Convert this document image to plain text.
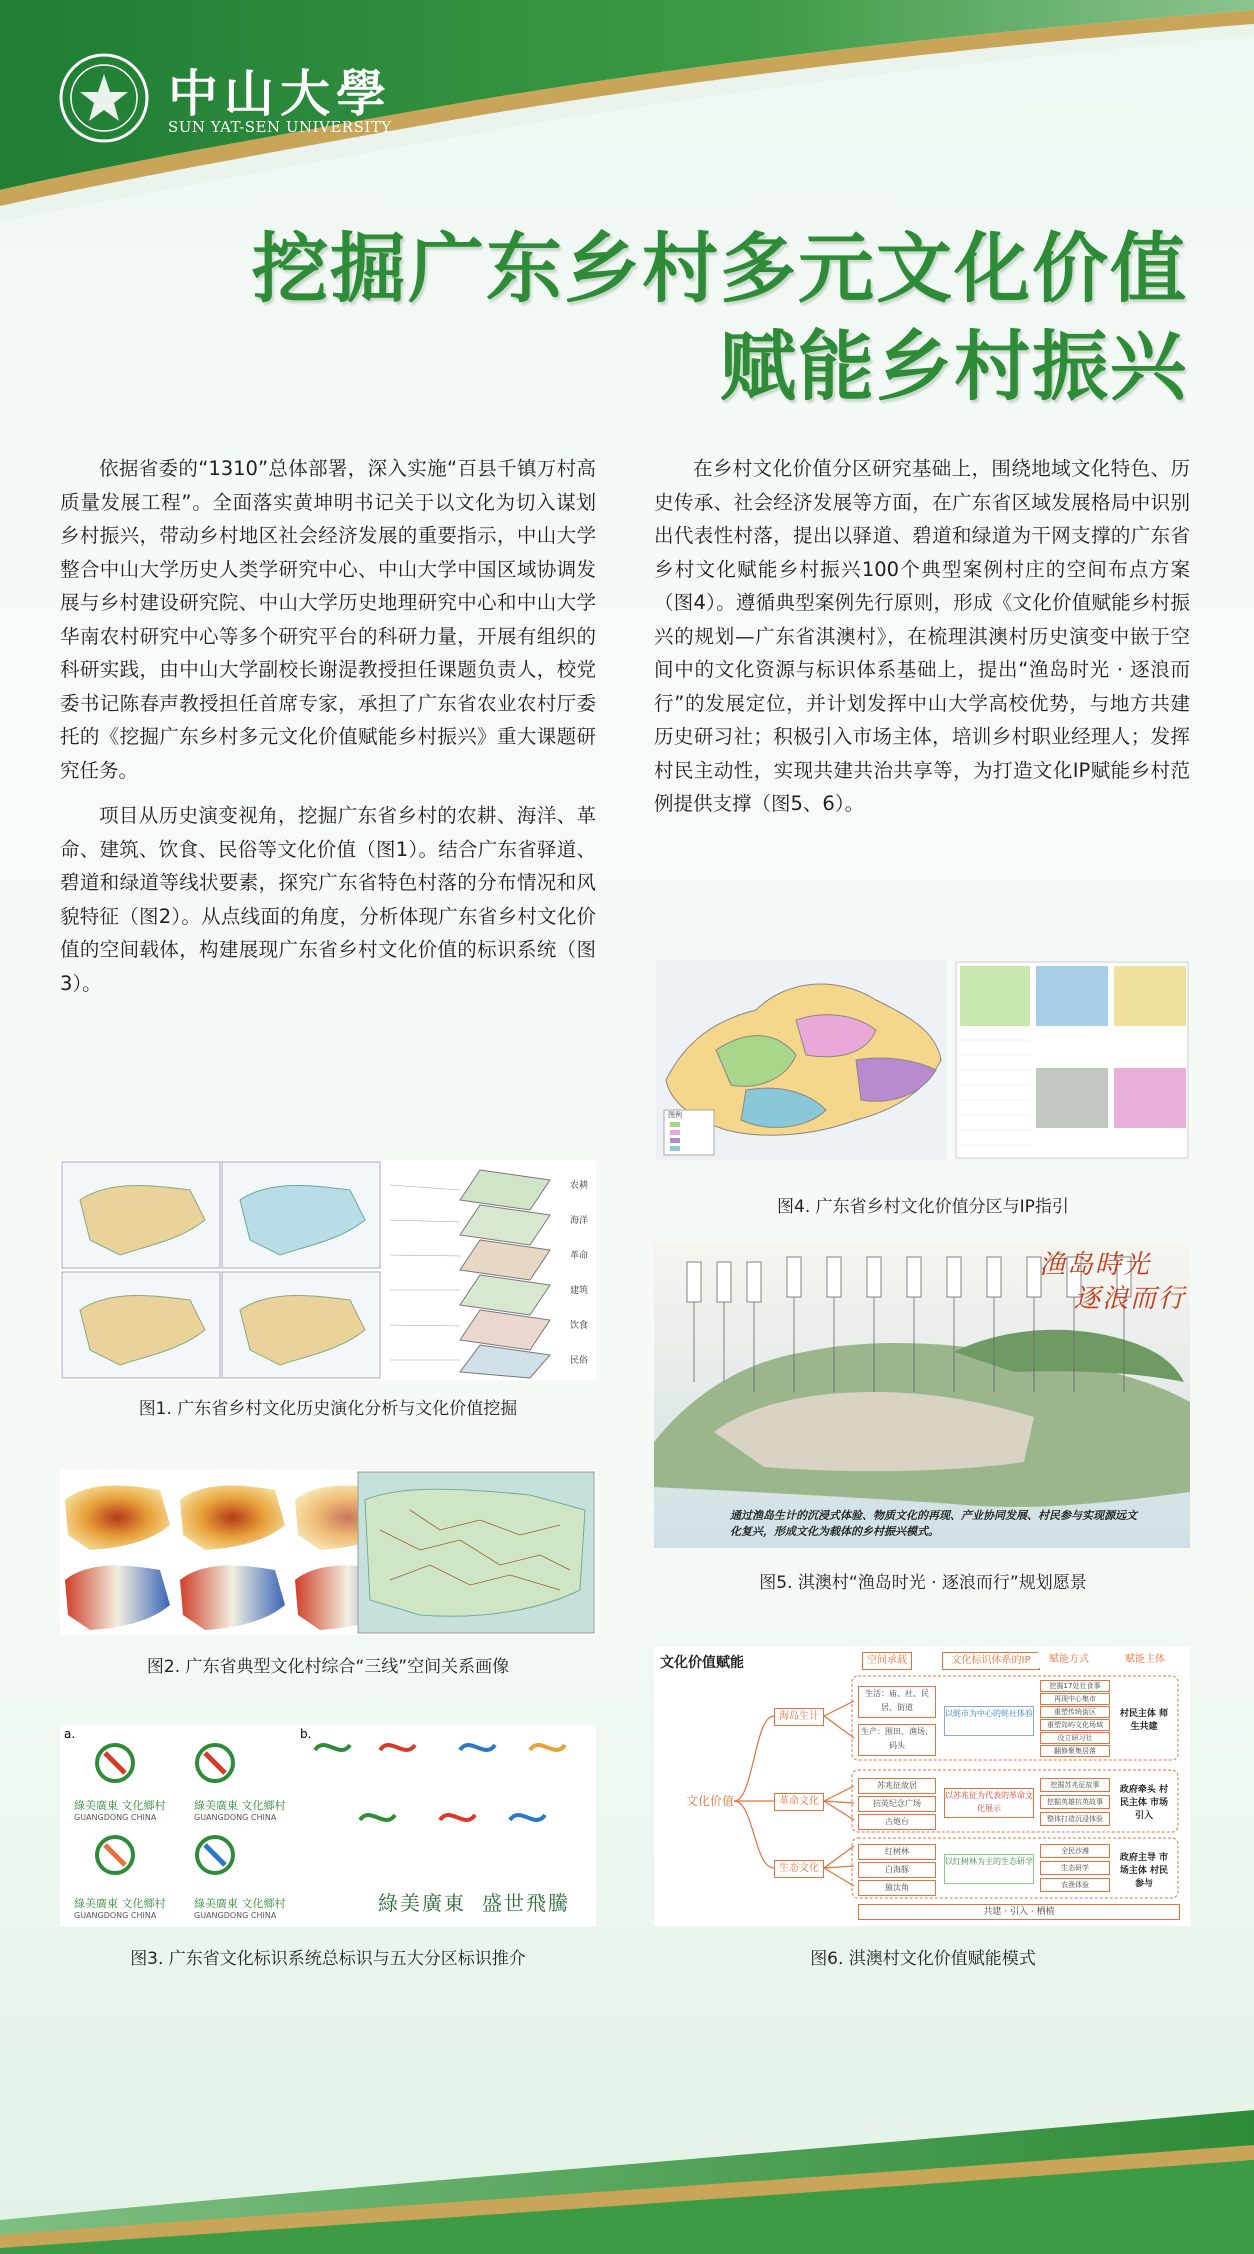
中山大學
SUN YAT-SEN UNIVERSITY
挖掘广东乡村多元文化价值
赋能乡村振兴

依据省委的“1310”总体部署，深入实施“百县千镇万村高质量发展工程”。全面落实黄坤明书记关于以文化为切入谋划乡村振兴，带动乡村地区社会经济发展的重要指示，中山大学整合中山大学历史人类学研究中心、中山大学中国区域协调发展与乡村建设研究院、中山大学历史地理研究中心和中山大学华南农村研究中心等多个研究平台的科研力量，开展有组织的科研实践，由中山大学副校长谢湜教授担任课题负责人，校党委书记陈春声教授担任首席专家，承担了广东省农业农村厅委托的《挖掘广东乡村多元文化价值赋能乡村振兴》重大课题研究任务。

项目从历史演变视角，挖掘广东省乡村的农耕、海洋、革命、建筑、饮食、民俗等文化价值（图1）。结合广东省驿道、碧道和绿道等线状要素，探究广东省特色村落的分布情况和风貌特征（图2）。从点线面的角度，分析体现广东省乡村文化价值的空间载体，构建展现广东省乡村文化价值的标识系统（图3）。

在乡村文化价值分区研究基础上，围绕地域文化特色、历史传承、社会经济发展等方面，在广东省区域发展格局中识别出代表性村落，提出以驿道、碧道和绿道为干网支撑的广东省乡村文化赋能乡村振兴100个典型案例村庄的空间布点方案（图4）。遵循典型案例先行原则，形成《文化价值赋能乡村振兴的规划—广东省淇澳村》，在梳理淇澳村历史演变中嵌于空间中的文化资源与标识体系基础上，提出“渔岛时光 · 逐浪而行”的发展定位，并计划发挥中山大学高校优势，与地方共建历史研习社；积极引入市场主体，培训乡村职业经理人；发挥村民主动性，实现共建共治共享等，为打造文化IP赋能乡村范例提供支撑（图5、6）。

农耕
海洋
革命
建筑
饮食
民俗
图1. 广东省乡村文化历史演化分析与文化价值挖掘
图2. 广东省典型文化村综合“三线”空间关系画像
a.	b.
綠美廣東 文化鄉村
GUANGDONG CHINA
綠美廣東 文化鄉村
GUANGDONG CHINA
綠美廣東 文化鄉村
GUANGDONG CHINA
綠美廣東 文化鄉村
GUANGDONG CHINA
綠美廣東 盛世飛騰
图3. 广东省文化标识系统总标识与五大分区标识推介
图例
图4. 广东省乡村文化价值分区与IP指引
渔岛時光
逐浪而行
通过渔岛生计的沉浸式体验、物质文化的再现、产业协同发展、村民参与实现源远文化复兴，形成文化为载体的乡村振兴模式。
图5. 淇澳村“渔岛时光 · 逐浪而行”规划愿景
文化价值赋能	空间承载	文化标识体系的IP	赋能方式	赋能主体
文化价值
海岛生计
革命文化
生态文化
生活：庙、社、民居、街道
生产：围田、渔场、码头
苏兆征故居
抗英纪念广场
古炮台
红树林
白海豚
猿汰角
以蚝市为中心的蚝社体验
以苏兆征为代表的革命文化展示
以红树林为主的生态研学
挖掘17处社食事
再现中心集市
重塑传统街区
重塑岛屿文化场域
设立研习社
翻修聚集居落
挖掘苏兆征故事
挖掘英雄抗英故事
整体打造沉浸体验
全民沙滩
生态研学
农渔体验
村民主体 师生共建
政府牵头 村民主体 市场引入
政府主导 市场主体 村民参与
共建 · 引入 · 栖植
图6. 淇澳村文化价值赋能模式
